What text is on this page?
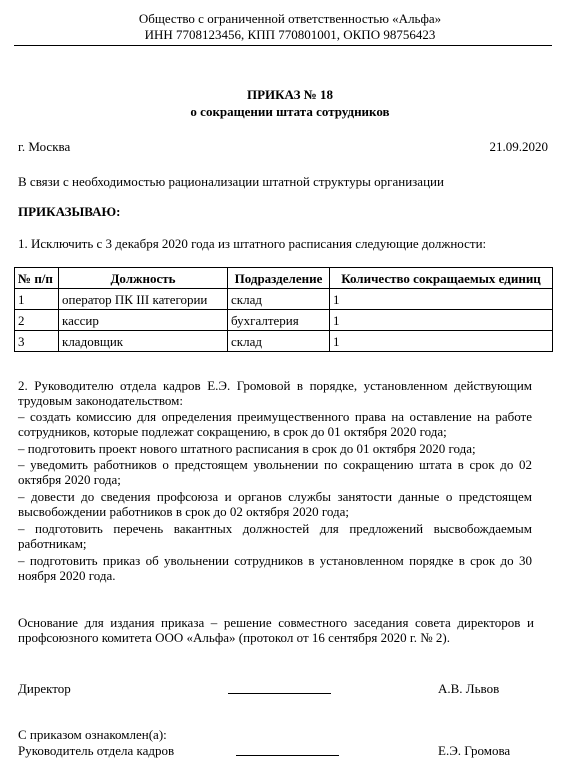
Общество с ограниченной ответственностью «Альфа»
ИНН 7708123456, КПП 770801001, ОКПО 98756423
ПРИКАЗ № 18
о сокращении штата сотрудников
г. Москва	21.09.2020
В связи с необходимостью рационализации штатной структуры организации
ПРИКАЗЫВАЮ:
1. Исключить с 3 декабря 2020 года из штатного расписания следующие должности:
№ п/п	Должность	Подразделение	Количество сокращаемых единиц
1	оператор ПК III категории	склад	1
2	кассир	бухгалтерия	1
3	кладовщик	склад	1
2. Руководителю отдела кадров Е.Э. Громовой в порядке, установленном действующим трудовым законодательством:
– создать комиссию для определения преимущественного права на оставление на работе сотрудников, которые подлежат сокращению, в срок до 01 октября 2020 года;
– подготовить проект нового штатного расписания в срок до 01 октября 2020 года;
– уведомить работников о предстоящем увольнении по сокращению штата в срок до 02 октября 2020 года;
– довести до сведения профсоюза и органов службы занятости данные о предстоящем высвобождении работников в срок до 02 октября 2020 года;
– подготовить перечень вакантных должностей для предложений высвобождаемым работникам;
– подготовить приказ об увольнении сотрудников в установленном порядке в срок до 30 ноября 2020 года.
Основание для издания приказа – решение совместного заседания совета директоров и профсоюзного комитета ООО «Альфа» (протокол от 16 сентября 2020 г. № 2).
Директор	А.В. Львов
С приказом ознакомлен(а):
Руководитель отдела кадров	Е.Э. Громова
